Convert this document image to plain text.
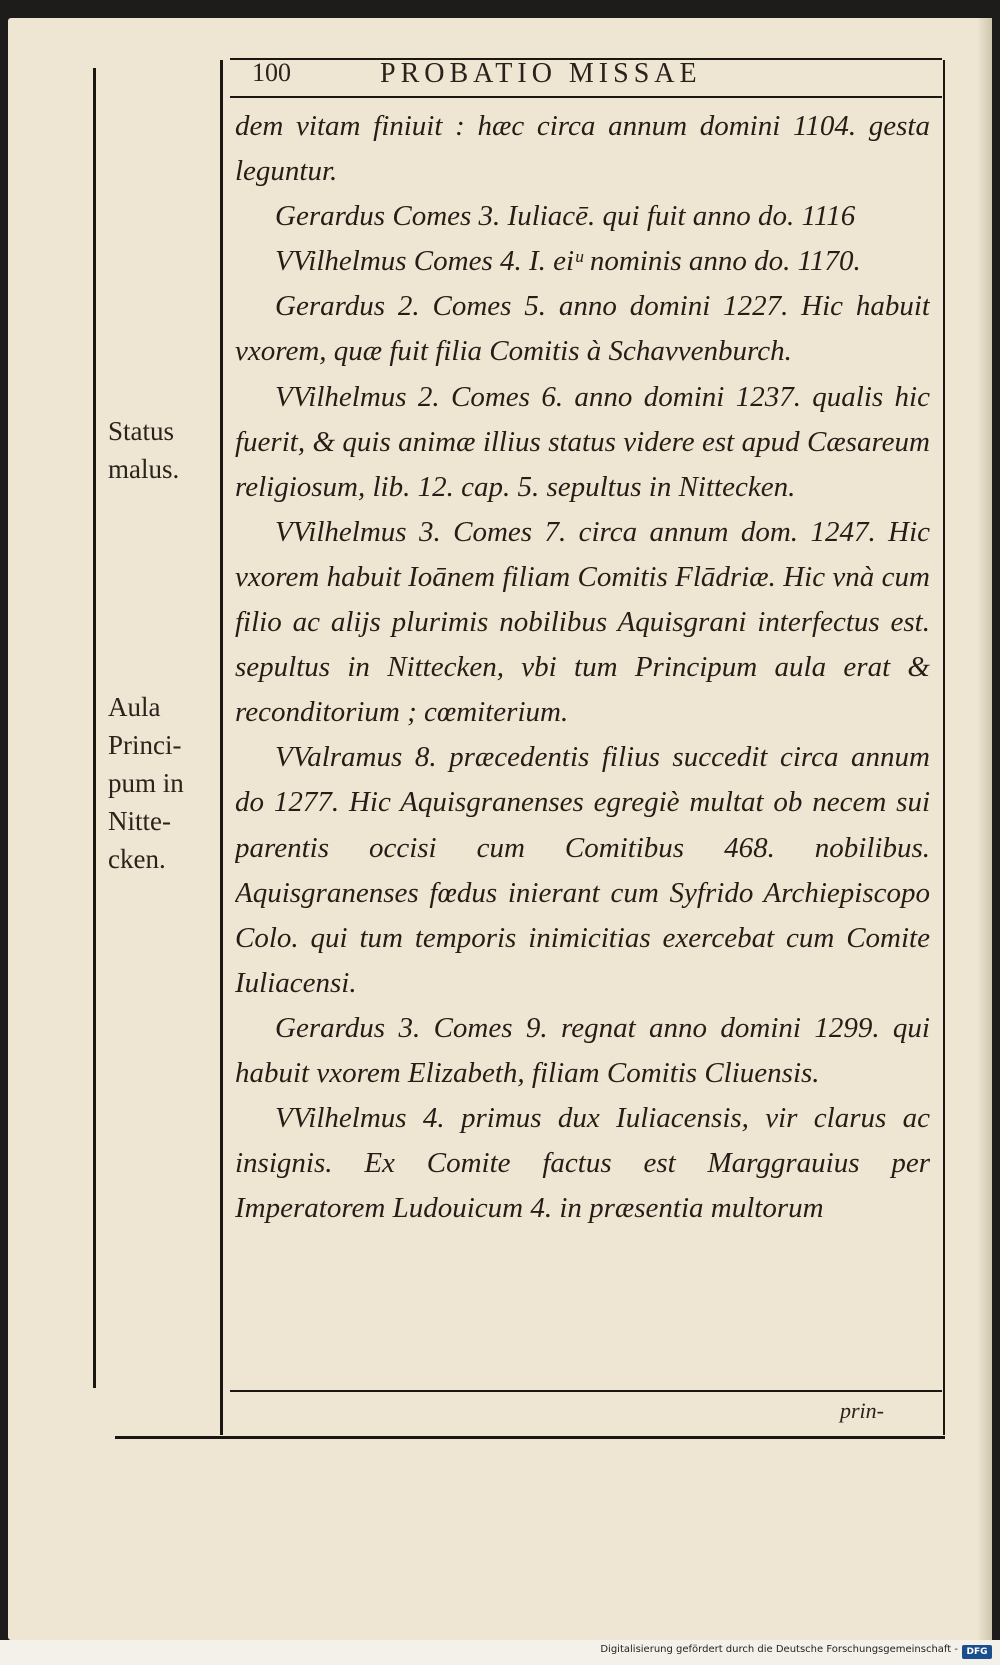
100	PROBATIO MISSAE

dem vitam finiuit : hæc circa annum domini 1104. gesta leguntur.

Gerardus Comes 3. Iuliacē. qui fuit anno do. 1116

VVilhelmus Comes 4. I. eiᵘ nominis anno do. 1170.

Gerardus 2. Comes 5. anno domini 1227. Hic habuit vxorem, quæ fuit filia Comitis à Schavvenburch.

VVilhelmus 2. Comes 6. anno domini 1237. qualis hic fuerit, & quis animæ illius status videre est apud Cæsareum religiosum, lib. 12. cap. 5. sepultus in Nittecken.

VVilhelmus 3. Comes 7. circa annum dom. 1247. Hic vxorem habuit Ioānem filiam Comitis Flādriæ. Hic vnà cum filio ac alijs plurimis nobilibus Aquisgrani interfectus est. sepultus in Nittecken, vbi tum Principum aula erat & reconditorium ; cœmiterium.

VValramus 8. præcedentis filius succedit circa annum do 1277. Hic Aquisgranenses egregiè multat ob necem sui parentis occisi cum Comitibus 468. nobilibus. Aquisgranenses fœdus inierant cum Syfrido Archiepiscopo Colo. qui tum temporis inimicitias exercebat cum Comite Iuliacensi.

Gerardus 3. Comes 9. regnat anno domini 1299. qui habuit vxorem Elizabeth, filiam Comitis Cliuensis.

VVilhelmus 4. primus dux Iuliacensis, vir clarus ac insignis. Ex Comite factus est Marggrauius per Imperatorem Ludouicum 4. in præsentia multorum

Status
malus.
Aula
Princi-
pum in
Nitte-
cken.
prin-
Digitalisierung gefördert durch die Deutsche Forschungsgemeinschaft - DFG
